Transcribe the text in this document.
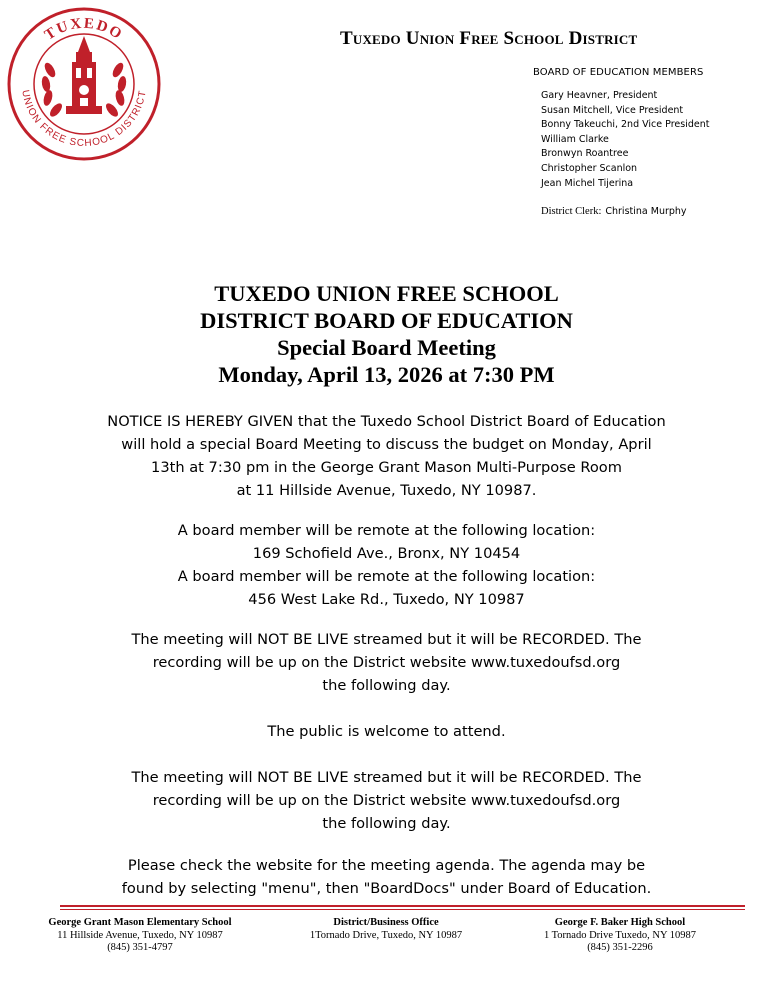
TUXEDO
UNION FREE SCHOOL DISTRICT
Tuxedo Union Free School District
BOARD OF EDUCATION MEMBERS
Gary Heavner, President
Susan Mitchell, Vice President
Bonny Takeuchi, 2nd Vice President
William Clarke
Bronwyn Roantree
Christopher Scanlon
Jean Michel Tijerina
District Clerk: Christina Murphy
TUXEDO UNION FREE SCHOOL
DISTRICT BOARD OF EDUCATION
Special Board Meeting
Monday, April 13, 2026 at 7:30 PM
NOTICE IS HEREBY GIVEN that the Tuxedo School District Board of Education
will hold a special Board Meeting to discuss the budget on Monday, April
13th at 7:30 pm in the George Grant Mason Multi-Purpose Room
at 11 Hillside Avenue, Tuxedo, NY 10987.
A board member will be remote at the following location:
169 Schofield Ave., Bronx, NY 10454
A board member will be remote at the following location:
456 West Lake Rd., Tuxedo, NY 10987
The meeting will NOT BE LIVE streamed but it will be RECORDED. The
recording will be up on the District website www.tuxedoufsd.org
the following day.
The public is welcome to attend.
The meeting will NOT BE LIVE streamed but it will be RECORDED. The
recording will be up on the District website www.tuxedoufsd.org
the following day.
Please check the website for the meeting agenda. The agenda may be
found by selecting "menu", then "BoardDocs" under Board of Education.
George Grant Mason Elementary School
11 Hillside Avenue, Tuxedo, NY 10987
(845) 351-4797
District/Business Office
1Tornado Drive, Tuxedo, NY 10987
George F. Baker High School
1 Tornado Drive Tuxedo, NY 10987
(845) 351-2296
